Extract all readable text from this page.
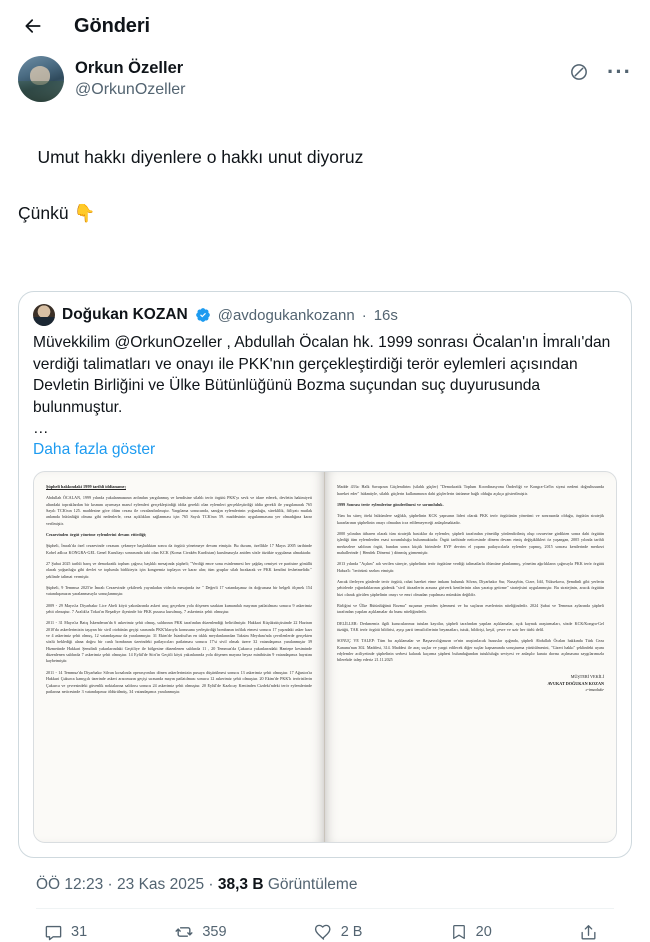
Gönderi
Orkun Özeller
@OrkunOzeller
···

Umut hakkı diyenlere o hakkı unut diyoruz

Çünkü 👇

Doğukan KOZAN @avdogukankozann · 16s
Müvekkilim @OrkunOzeller , Abdullah Öcalan hk. 1999 sonrası Öcalan'ın İmralı'dan verdiği talimatları ve onayı ile PKK'nın gerçekleştirdiği terör eylemleri açısından Devletin Birliğini ve Ülke Bütünlüğünü Bozma suçundan suç duyurusunda bulunmuştur.
…
Daha fazla göster
Şüpheli hakkındaki 1999 tarihli iddianame;
Abdullah ÖCALAN, 1999 yılında yakalanmasının ardından yargılanmış ve kendisine silahlı terör örgütü PKK'yı sevk ve idare ederek, devletin hakimiyeti altındaki topraklardan bir kısmını ayırmaya maruf eylemleri gerçekleştirdiği iddia gerekli olan eylemleri gerçekleştirdiği iddia gerekli ile yargılanarak 765 Sayılı TCK'nın 125. maddesine göre ölüm cezası ile cezalandırılmıştır. Yargılama sonucunda, sanığın eylemlerinin yoğunluğu, süreklilik, fiiliyatı mutlak anlamda bütünlüğü olması gibi nedenlerle, ceza açıklıkları sağlanması için 765 Sayılı TCK'nın 59. maddesinin uygulanmasına yer olmadığına karar verilmiştir.
Cezaevinden örgüt yönetme eylemlerini devam ettirdiği;
Şüpheli, İmralı'da özel cezaevinde cezasını çekmeye başladıktan sonra da örgütü yönetmeye devam etmiştir. Bu durum, özellikle 17 Mayıs 2005 tarihinde Kobel adlıca KONGRA-GEL Genel Kurultayı sonrasında tabi olan KCK (Koma Civakên Kurdistan) kurulmasıyla aniden sözle tüzükte uygulama almaktadır.
27 Şubat 2025 tarihli barış ve demokratik toplum çağrısı; başlıklı mesajında şüpheli; "Verdiği emre sonu esinlenmesi her çağdaş cemiyet ve partisine gönüllü olarak yoğunluğu gibi devlet ve toplumla birlikteyiz için kongremiz toplayın ve karar alın; tüm gruplar silah bırakarak ve PKK kendini feshetmelidir." şeklinde talimat vermiştir.
Şüpheli, 9 Temmuz 2025'te İmralı Cezaevinde çekilerek yayınladan videolu mesajında ise " Değerli 17 vatandaşımız öz doğrusuna bir belgeli ölçmek 154 vatandaşımızın yaralanmasıyla sonuçlanmıştır.
2009 - 29 Mayıs'ta Diyarbakır Lice Abeli köyü yakınlarında askeri araç geçerken yola döşenen uzaktan kumandalı mayının patlatılması sonucu 9 askerimiz şehit olmuştur. 7 Aralık'ta Tokat'ın Reşadiye ilçesinde bir PKK pususu kurulmuş, 7 askerimiz şehit olmuştur.
2011 - 31 Mayıs'ta Batış İskenderun'da 6 askerimiz şehit olmuş, saldırının PKK tarafından düzenlendiği belirtilmiştir. Hakkari Küçüksütçüsünde 22 Haziran 2010'da askerlerimizin taşıyan bir sivil otobüsün geçişi sırasında PKK'lılarıyla konusuna yerleştirdiği bombanın infilak etmesi sonucu 17 yaşındaki asker kazı ve 4 askerimiz şehit olmuş, 12 vatandaşımız da yaralanmıştır. 31 Ekim'de İstanbul'un en tıklık meydanlarından Taksim Meydanı'nda çevrilenlerde gerçekten sözlü beklediği alana doğru bir canlı bombanın üzerindeki patlayıcıları patlatması sonucu 17'si sivil olmak üzere 32 vatandaşımız yaralanmıştır 39 Hizmetinde Hakkari Şemdinli yakınlarındaki Geçitliye ile bölgesine düzenlenen saldırıda 11 , 20 Temmuz'da Çukurca yakınlarındaki Hantepe kesiminde düzenlenen saldırıda 7 askerimiz şehit olmuştur. 14 Eylül'de Siirt'in Geçitli köyü yakınlarında yola döşenen mayına beyaz minibüsün 9 vatandaşımız hayatını kaybetmiştir.
2011 - 14 Temmuz'da Diyarbakır Silvan kırsalında operasyonları dönen askerlerimizin pusuya düşürülmesi sonucu 13 askerimiz şehit olmuştur. 17 Ağustos'ta Hakkari Çukurca kanışçılı üzerinde askeri aracımızın geçişi sırasında mayın patlatılması sonucu 12 askerimiz şehit olmuştur. 20 Ekim'de PKK'lı teröristlerin Çukurca ve çevresindeki güvenlik noktalarına saldırısı sonucu 24 askerimiz şehit olmuştur. 20 Eylül'de Kazlıcay Kentinden Cizdeki'ndeki terör eylemlerinde patlarına neticesinde 3 vatandaşımız öldürülmüş, 34 vatandaşımız yaralanmıştır.
Madde 43'üc Halk Savaşının Güçlendirim (silahlı güçler) "Demokratik Toplum Koordinasyonu Önderliği ve Kongra-Gel'in siyasi nedeni doğrultusunda hareket eder" hükmüyle, silahlı güçlerin kullanımının dahi güçlerlerin üstünme bağlı olduğu açıkça gösterilmiştir.
1999 Sonrası terör eylemlerine gönderilmesi ve sorumluluk.
Tüm bu süreç öteki hükümlere sağlıklı, şüphelinin KCK yapısının lideri olarak PKK terör örgütünün yönetimi ve sonrasında olduğu, örgütün stratejik kararlarının şüphelinin onayı olmadan icra edilemeyeceği anlaşılmaktadır.
2000 yılından itibaren olarak tüm stratejik bastıklar da eylemler, şüpheli tarafından yönetilip yönlendirilmiş olup cezaevine girdikten sonra dahi örgütün işlediği tüm eylemlerden esasi sorumluluğu bulunmaktadır. Örgüt tarihinde neticesinde dönem devam etmiş değişiklikleri öz yaşangan, 2005 yılında tarihli merkezlere saldıran örgüt, bundan sonra küçük birimlerle EYP devrim el yapımı patlayıcılarla eylemler yapmış, 2015 sonrası kentlerinde merkezi mahallerinde ( Hendek Dönemi ) dönmüş girmemiştir.
2013 yılında "Açılım" adı verilen süreçte, şüphelinin terör örgütüne verdiği talimatlarla ölümüne planlanmış, yönetim ağırlıkların çağrısıyla PKK terör örgütü Habza'lı "terörünü sezlım etmiştir.
Ancak ilerleyen günlerde terör örgütü, rahat hareket etme imkanı bulunuk Silvan, Diyarbakır Sur, Nusaybin, Cizre, İdil, Yüksekova, Şemdinli gibi yerlerin şehirlerde yığındaklarının güdenik "sivil itiraatlerin arasına giriverk kentlerinin alan yaratıp getirme" stratejisini uygulanmıştır. Bu stratejinin, aracık örgütün bizi olarak görülen şüphelinin onayı ve emri olmadan yapılması mümkün değildir.
Birliğini ve Ülke Bütünlüğünü Bozma" suçunun yeniden işlenmesi ve bu suçların eserlerinin niteliğindedir. 2024 Şubat ve Temmuz aylarında şüpheli tarafından yapılan açıklamalar da bunu niteliğindedir.
DELİLLER: Derkmemiz ilgili kurucularımız tutulan kayıtlar, şüpheli tarafından yapılan açıklamalar, açık kaynak araştırmaları, sözde KCK/Kongra-Gel tüzüğü, TAK terör örgütü bildirisi, ayışı parti temsilcilerinin beyanatları, tutuk, bildirişi, keşif, çevre ve uzir her türlü delil.
SONUÇ VE TALEP: Tüm bu açıklamalar ve Başsavcılığınızın ce'nin araştırılacak hususlar ışığında, şüpheli Abdullah Öcalan hakkında Türk Ceza Kanunu'nun 302. Maddesi, 314. Maddesi ile araç suçlar ve yargıt edilecek diğer suçlar kapsamında soruşturma yürütülmesini, "Gizeri hakkı" şeklindeki uyanı edylemler aciliyetinde şüphelinin serbest kalarak kaçırma şüphesi bulunduğundan tutukluluğa seviyesi ve anlaşılır kanıta davası açılmasına saygılarımızla bilerekde talep ederiz 21.11.2025
MÜŞTERİ VEKİLİ
AVUKAT DOĞUKAN KOZAN
e-imzalıdır
ÖÖ 12:23 · 23 Kas 2025 · 38,3 B Görüntüleme
31	359	2 B	20
